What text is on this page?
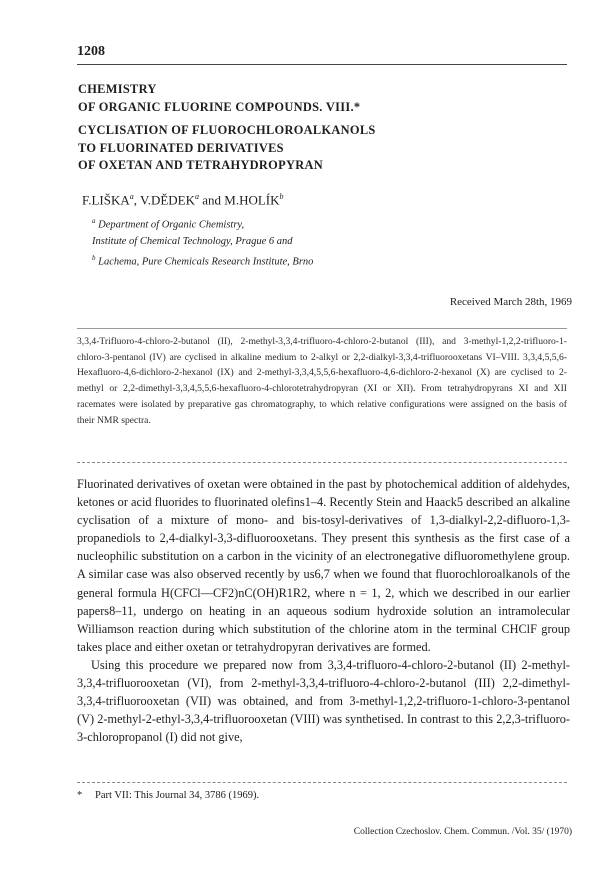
1208
CHEMISTRY
OF ORGANIC FLUORINE COMPOUNDS. VIII.*
CYCLISATION OF FLUOROCHLOROALKANOLS
TO FLUORINATED DERIVATIVES
OF OXETAN AND TETRAHYDROPYRAN
F.LIŠKA$^a$, V.DĚDEK$^a$ and M.HOLÍK$^b$
$^a$ Department of Organic Chemistry,
Institute of Chemical Technology, Prague 6 and
$^b$ Lachema, Pure Chemicals Research Institute, Brno
Received March 28th, 1969

3,3,4-Trifluoro-4-chloro-2-butanol (II), 2-methyl-3,3,4-trifluoro-4-chloro-2-butanol (III), and 3-methyl-1,2,2-trifluoro-1-chloro-3-pentanol (IV) are cyclised in alkaline medium to 2-alkyl or 2,2-dialkyl-3,3,4-trifluorooxetans VI–VIII. 3,3,4,5,5,6-Hexafluoro-4,6-dichloro-2-hexanol (IX) and 2-methyl-3,3,4,5,5,6-hexafluoro-4,6-dichloro-2-hexanol (X) are cyclised to 2-methyl or 2,2-dimethyl-3,3,4,5,5,6-hexafluoro-4-chlorotetrahydropyran (XI or XII). From tetrahydropyrans XI and XII racemates were isolated by preparative gas chromatography, to which relative configurations were assigned on the basis of their NMR spectra.

Fluorinated derivatives of oxetan were obtained in the past by photochemical addition of aldehydes, ketones or acid fluorides to fluorinated olefins1–4. Recently Stein and Haack5 described an alkaline cyclisation of a mixture of mono- and bis-tosyl-derivatives of 1,3-dialkyl-2,2-difluoro-1,3-propanediols to 2,4-dialkyl-3,3-difluorooxetans. They present this synthesis as the first case of a nucleophilic substitution on a carbon in the vicinity of an electronegative difluoromethylene group. A similar case was also observed recently by us6,7 when we found that fluorochloroalkanols of the general formula H(CFCl—CF2)nC(OH)R1R2, where n = 1, 2, which we described in our earlier papers8–11, undergo on heating in an aqueous sodium hydroxide solution an intramolecular Williamson reaction during which substitution of the chlorine atom in the terminal CHClF group takes place and either oxetan or tetrahydropyran derivatives are formed.

Using this procedure we prepared now from 3,3,4-trifluoro-4-chloro-2-butanol (II) 2-methyl-3,3,4-trifluorooxetan (VI), from 2-methyl-3,3,4-trifluoro-4-chloro-2-butanol (III) 2,2-dimethyl-3,3,4-trifluorooxetan (VII) was obtained, and from 3-methyl-1,2,2-trifluoro-1-chloro-3-pentanol (V) 2-methyl-2-ethyl-3,3,4-trifluorooxetan (VIII) was synthetised. In contrast to this 2,2,3-trifluoro-3-chloropropanol (I) did not give,

* Part VII: This Journal 34, 3786 (1969).
Collection Czechoslov. Chem. Commun. /Vol. 35/ (1970)
